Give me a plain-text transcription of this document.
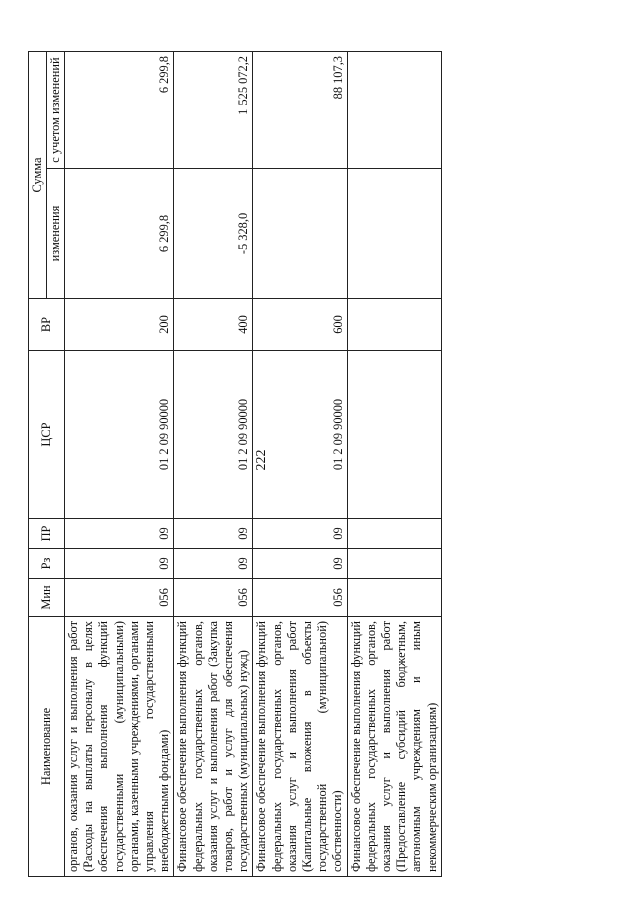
222
Наименование	Мин	Рз	ПР	ЦСР	ВР	Сумма	
						изменения	с учетом изменений
органов, оказания услуг и выполнения работ (Расходы на выплаты персоналу в целях обеспечения выполнения функций государственными (муниципальными) органами, казенными учреждениями, органами управления государственными внебюджетными фондами)	056	09	09	01 2 09 90000	200	6 299,8	6 299,8
Финансовое обеспечение выполнения функций федеральных государственных органов, оказания услуг и выполнения работ (Закупка товаров, работ и услуг для обеспечения государственных (муниципальных) нужд)	056	09	09	01 2 09 90000	400	-5 328,0	1 525 072,2
Финансовое обеспечение выполнения функций федеральных государственных органов, оказания услуг и выполнения работ (Капитальные вложения в объекты государственной (муниципальной) собственности)	056	09	09	01 2 09 90000	600		88 107,3
Финансовое обеспечение выполнения функций федеральных государственных органов, оказания услуг и выполнения работ (Предоставление субсидий бюджетным, автономным учреждениям и иным некоммерческим организациям)							
